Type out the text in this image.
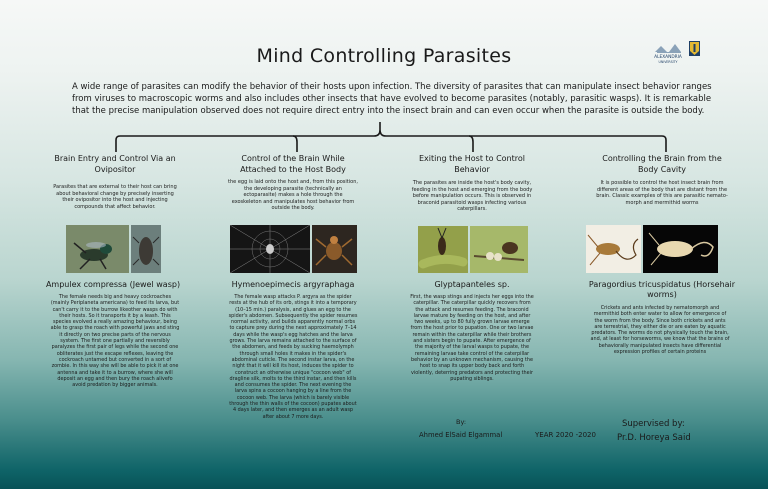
Mind Controlling Parasites	ALEXANDRIA
UNIVERSITY

A wide range of parasites can modify the behavior of their hosts upon infection. The diversity of parasites that can manipulate insect behavior ranges from viruses to macroscopic worms and also includes other insects that have evolved to become parasites (notably, parasitic wasps). It is remarkable that the precise manipulation observed does not require direct entry into the insect brain and can even occur when the parasite is outside the body.

Brain Entry and Control Via an Ovipositor
Parasites that are external to their host can bring about behavioral change by precisely inserting their ovipositor into the host and injecting compounds that affect behavior.
Ampulex compressa (Jewel wasp)
The female needs big and heavy cockroaches (mainly Periplaneta americana) to feed its larva, but can't carry it to the burrow likeother wasps do with their hosts. So it transports it by a leash. This species evolved a really amazing behaviour, being able to grasp the roach with powerful jaws and sting it directly on two precise parts of the nervous system. The first one partially and reversibly paralyzes the first pair of legs while the second one obliterates just the escape reflexes, leaving the cockroach untamed but converted in a sort of zombie. In this way she will be able to pick it at one antenna and take it to a burrow, where she will deposit an egg and then bury the roach alivefo avoid predation by bigger animals.
Control of the Brain While Attached to the Host Body
the egg is laid onto the host and, from this position, the developing parasite (technically an ectoparasite) makes a hole through the exoskeleton and manipulates host behavior from outside the body.
Hymenoepimecis argyraphaga
The female wasp attacks P. argyra as the spider rests at the hub of its orb, stings it into a temporary (10–15 min.) paralysis, and glues an egg to the spider's abdomen. Subsequently the spider resumes normal activity, and builds apparently normal orbs to capture prey during the next approximately 7–14 days while the wasp's egg hatches and the larva grows. The larva remains attached to the surface of the abdomen, and feeds by sucking haemolymph through small holes it makes in the spider's abdominal cuticle. The second instar larva, on the night that it will kill its host, induces the spider to construct an otherwise unique "cocoon web" of dragline silk, molts to the third instar, and then kills and consumes the spider. The next evening the larva spins a cocoon hanging by a line from the cocoon web. The larva (which is barely visible through the thin walls of the cocoon) pupates about 4 days later, and then emerges as an adult wasp after about 7 more days.
Exiting the Host to Control Behavior
The parasites are inside the host's body cavity, feeding in the host and emerging from the body before manipulation occurs. This is observed in braconid parasitoid wasps infecting various caterpillars.
Glyptapanteles sp.
First, the wasp stings and injects her eggs into the caterpillar. The caterpillar quickly recovers from the attack and resumes feeding. The braconid larvae mature by feeding on the host, and after two weeks, up to 80 fully grown larvae emerge from the host prior to pupation. One or two larvae remain within the caterpillar while their brothers and sisters begin to pupate. After emergence of the majority of the larval wasps to pupate, the remaining larvae take control of the caterpillar behavior by an unknown mechanism, causing the host to snap its upper body back and forth violently, deterring predators and protecting their pupating siblings.
Controlling the Brain from the Body Cavity
It is possible to control the host insect brain from different areas of the body that are distant from the brain. Classic examples of this are parasitic nemato-morph and mermithid worms
Paragordius tricuspidatus (Horsehair worms)
Crickets and ants infected by nematomorph and mermithid both enter water to allow for emergence of the worm from the body. Since both crickets and ants are terrestrial, they either die or are eaten by aquatic predators. The worms do not physically touch the brain, and, at least for horseworms, we know that the brains of behaviorally manipulated insects have differential expression profiles of certain proteins
By:
Ahmed ElSaid Elgammal	YEAR 2020 -2020
Supervised by:
Pr.D. Horeya Said
